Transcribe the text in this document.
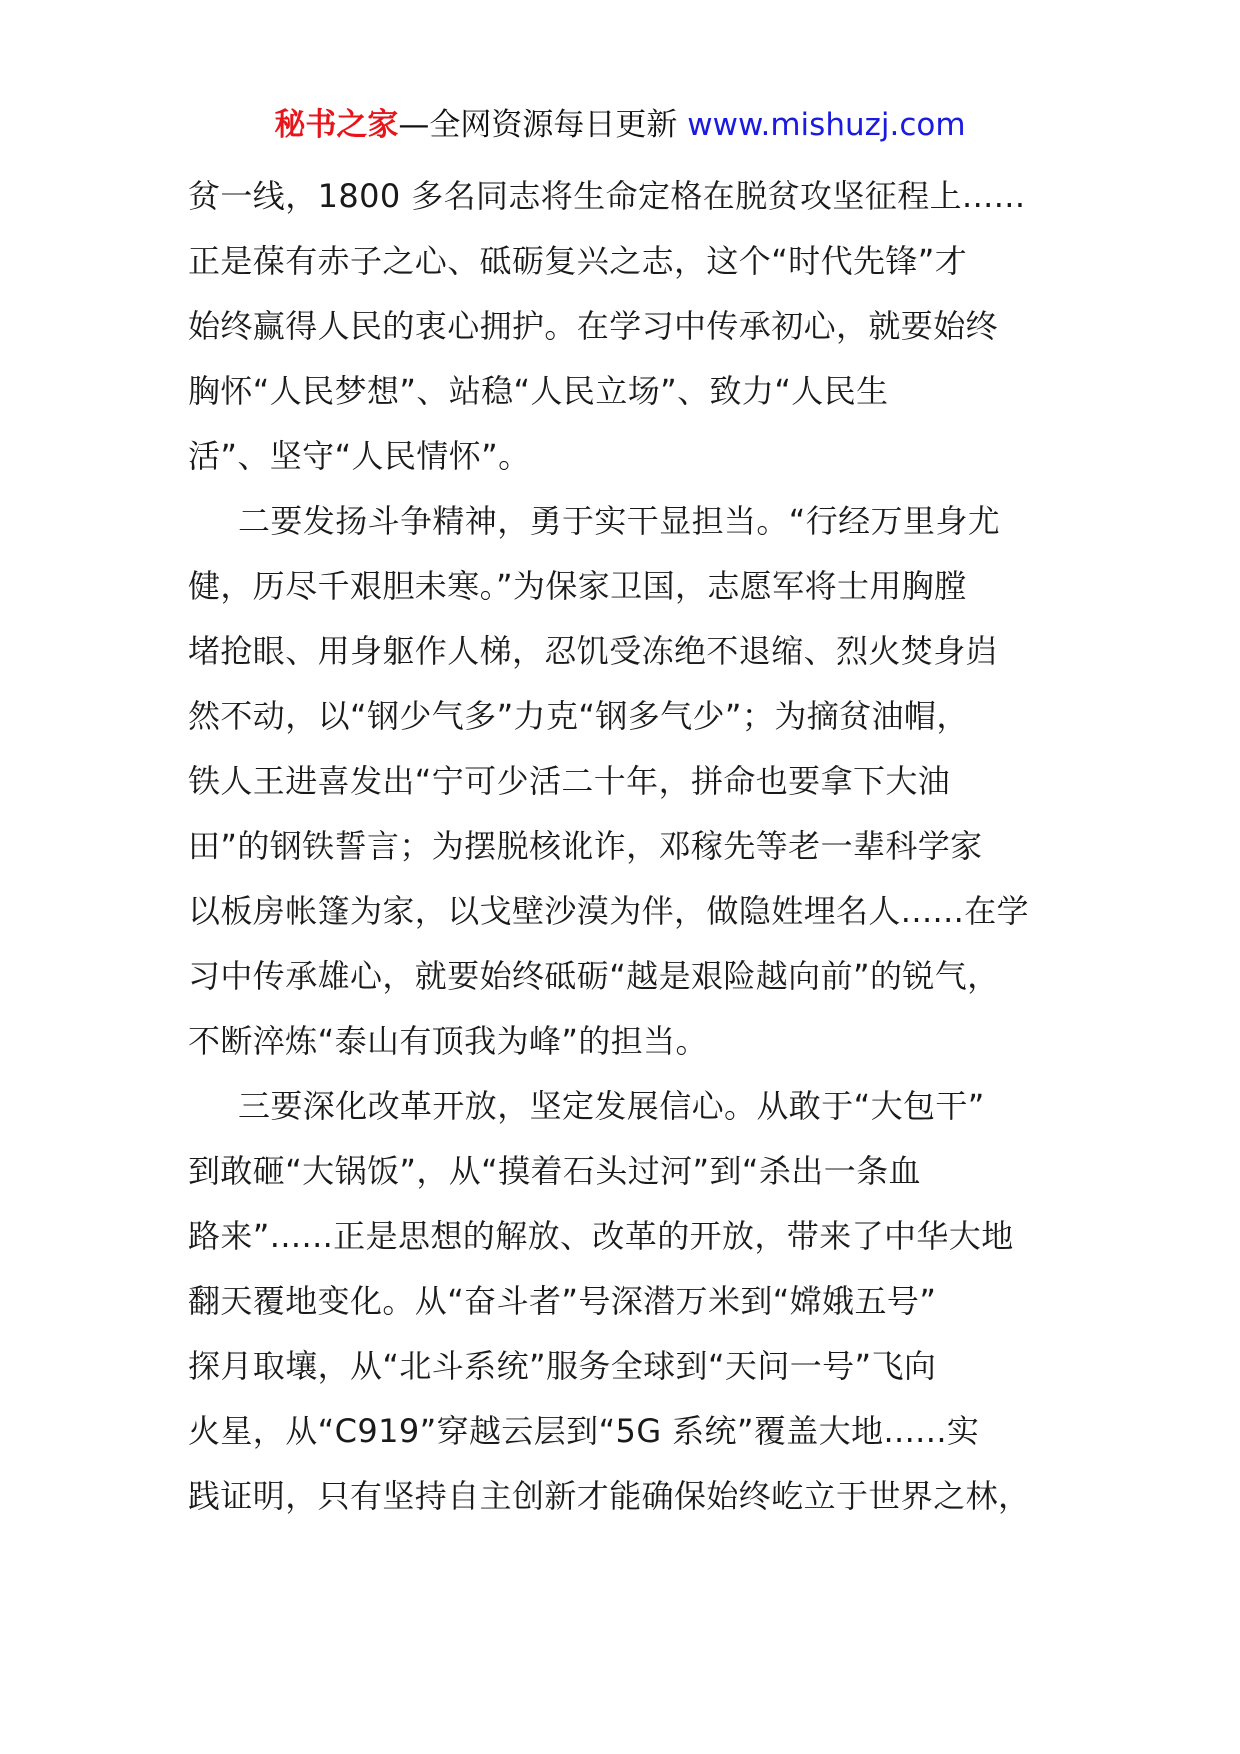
秘书之家—全网资源每日更新 www.mishuzj.com
贫一线，1800 多名同志将生命定格在脱贫攻坚征程上......
正是葆有赤子之心、砥砺复兴之志，这个“时代先锋”才
始终赢得人民的衷心拥护。在学习中传承初心，就要始终
胸怀“人民梦想”、站稳“人民立场”、致力“人民生
活”、坚守“人民情怀”。
二要发扬斗争精神，勇于实干显担当。“行经万里身尤
健，历尽千艰胆未寒。”为保家卫国，志愿军将士用胸膛
堵抢眼、用身躯作人梯，忍饥受冻绝不退缩、烈火焚身岿
然不动，以“钢少气多”力克“钢多气少”；为摘贫油帽，
铁人王进喜发出“宁可少活二十年，拼命也要拿下大油
田”的钢铁誓言；为摆脱核讹诈，邓稼先等老一辈科学家
以板房帐篷为家，以戈壁沙漠为伴，做隐姓埋名人......在学
习中传承雄心，就要始终砥砺“越是艰险越向前”的锐气，
不断淬炼“泰山有顶我为峰”的担当。
三要深化改革开放，坚定发展信心。从敢于“大包干”
到敢砸“大锅饭”，从“摸着石头过河”到“杀出一条血
路来”......正是思想的解放、改革的开放，带来了中华大地
翻天覆地变化。从“奋斗者”号深潜万米到“嫦娥五号”
探月取壤，从“北斗系统”服务全球到“天问一号”飞向
火星，从“C919”穿越云层到“5G 系统”覆盖大地......实
践证明，只有坚持自主创新才能确保始终屹立于世界之林，
